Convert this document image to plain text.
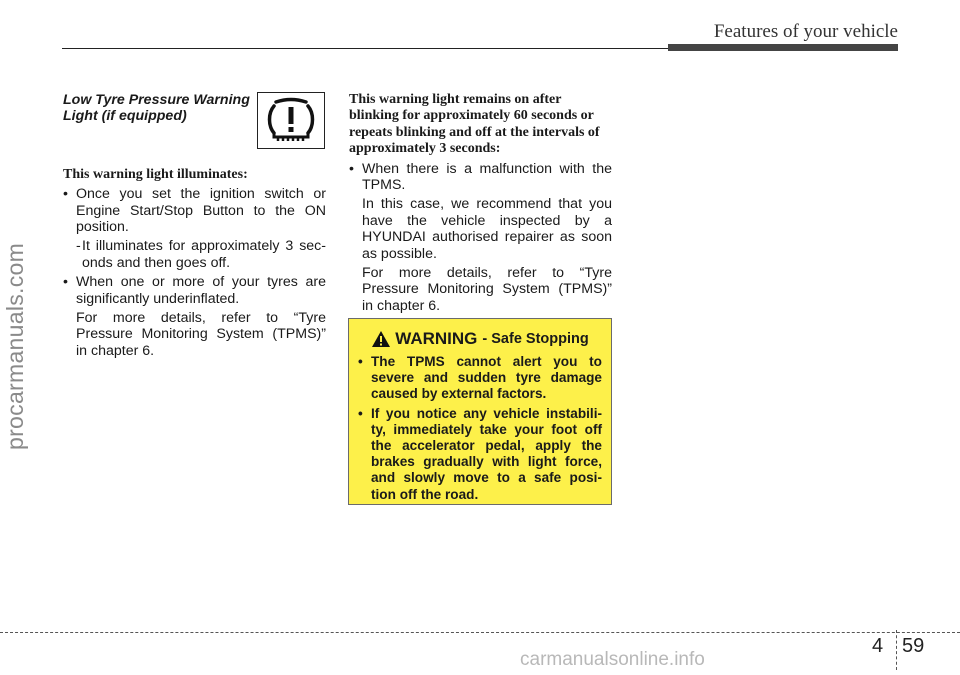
procarmanuals.com
Features of your vehicle
Low Tyre Pressure Warning Light (if equipped)
This warning light illuminates:
• Once you set the ignition switch or Engine Start/Stop Button to the ON position.
- It illuminates for approximately 3 sec- onds and then goes off.
• When one or more of your tyres are significantly underinflated.
For more details, refer to “Tyre Pressure Monitoring System (TPMS)” in chapter 6.
This warning light remains on after blinking for approximately 60 seconds or repeats blinking and off at the intervals of approximately 3 seconds:
• When there is a malfunction with the TPMS.
In this case, we recommend that you have the vehicle inspected by a HYUNDAI authorised repairer as soon as possible.
For more details, refer to “Tyre Pressure Monitoring System (TPMS)” in chapter 6.
WARNING - Safe Stopping
• The TPMS cannot alert you to severe and sudden tyre damage caused by external factors.
• If you notice any vehicle instabili- ty, immediately take your foot off the accelerator pedal, apply the brakes gradually with light force, and slowly move to a safe posi- tion off the road.
4 59
carmanualsonline.info
